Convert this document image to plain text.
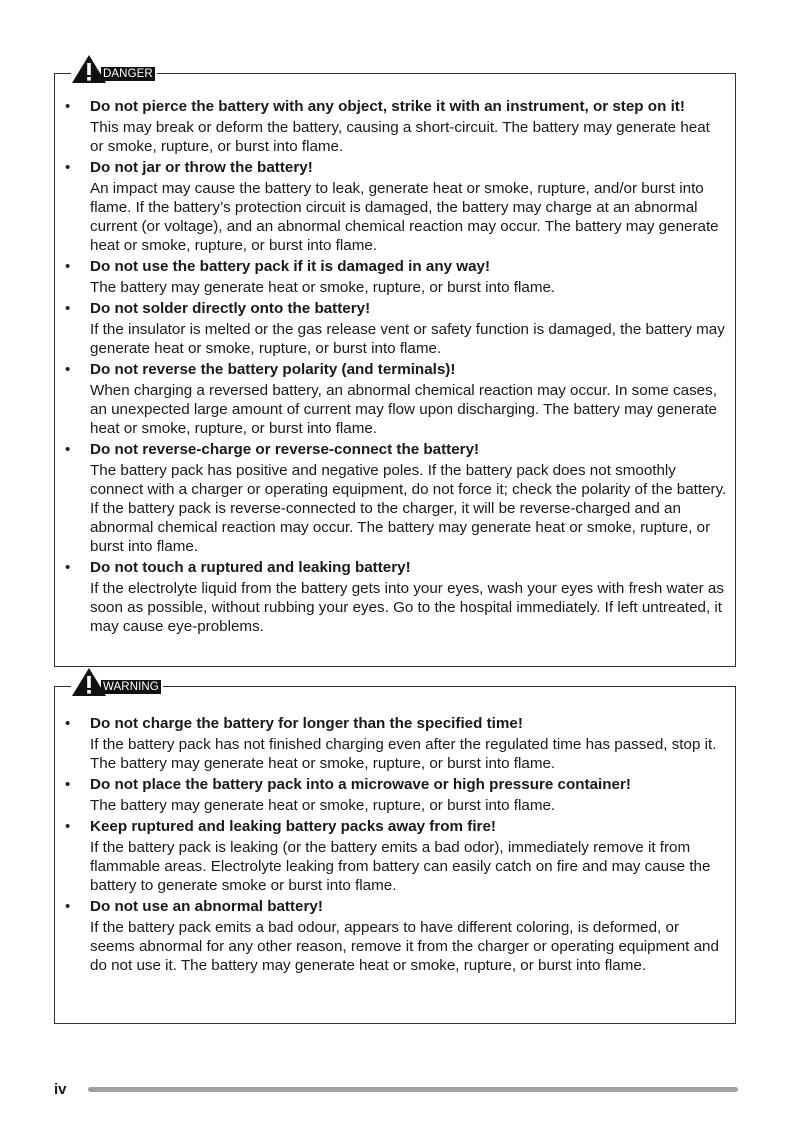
DANGER
• Do not pierce the battery with any object, strike it with an instrument, or step on it!
This may break or deform the battery, causing a short-circuit. The battery may generate heat or smoke, rupture, or burst into flame.
• Do not jar or throw the battery!
An impact may cause the battery to leak, generate heat or smoke, rupture, and/or burst into flame. If the battery’s protection circuit is damaged, the battery may charge at an abnormal current (or voltage), and an abnormal chemical reaction may occur. The battery may generate heat or smoke, rupture, or burst into flame.
• Do not use the battery pack if it is damaged in any way!
The battery may generate heat or smoke, rupture, or burst into flame.
• Do not solder directly onto the battery!
If the insulator is melted or the gas release vent or safety function is damaged, the battery may generate heat or smoke, rupture, or burst into flame.
• Do not reverse the battery polarity (and terminals)!
When charging a reversed battery, an abnormal chemical reaction may occur. In some cases, an unexpected large amount of current may flow upon discharging. The battery may generate heat or smoke, rupture, or burst into flame.
• Do not reverse-charge or reverse-connect the battery!
The battery pack has positive and negative poles. If the battery pack does not smoothly connect with a charger or operating equipment, do not force it; check the polarity of the battery. If the battery pack is reverse-connected to the charger, it will be reverse-charged and an abnormal chemical reaction may occur. The battery may generate heat or smoke, rupture, or burst into flame.
• Do not touch a ruptured and leaking battery!
If the electrolyte liquid from the battery gets into your eyes, wash your eyes with fresh water as soon as possible, without rubbing your eyes. Go to the hospital immediately. If left untreated, it may cause eye-problems.
WARNING
• Do not charge the battery for longer than the specified time!
If the battery pack has not finished charging even after the regulated time has passed, stop it. The battery may generate heat or smoke, rupture, or burst into flame.
• Do not place the battery pack into a microwave or high pressure container!
The battery may generate heat or smoke, rupture, or burst into flame.
• Keep ruptured and leaking battery packs away from fire!
If the battery pack is leaking (or the battery emits a bad odor), immediately remove it from flammable areas. Electrolyte leaking from battery can easily catch on fire and may cause the battery to generate smoke or burst into flame.
• Do not use an abnormal battery!
If the battery pack emits a bad odour, appears to have different coloring, is deformed, or seems abnormal for any other reason, remove it from the charger or operating equipment and do not use it. The battery may generate heat or smoke, rupture, or burst into flame.
iv
